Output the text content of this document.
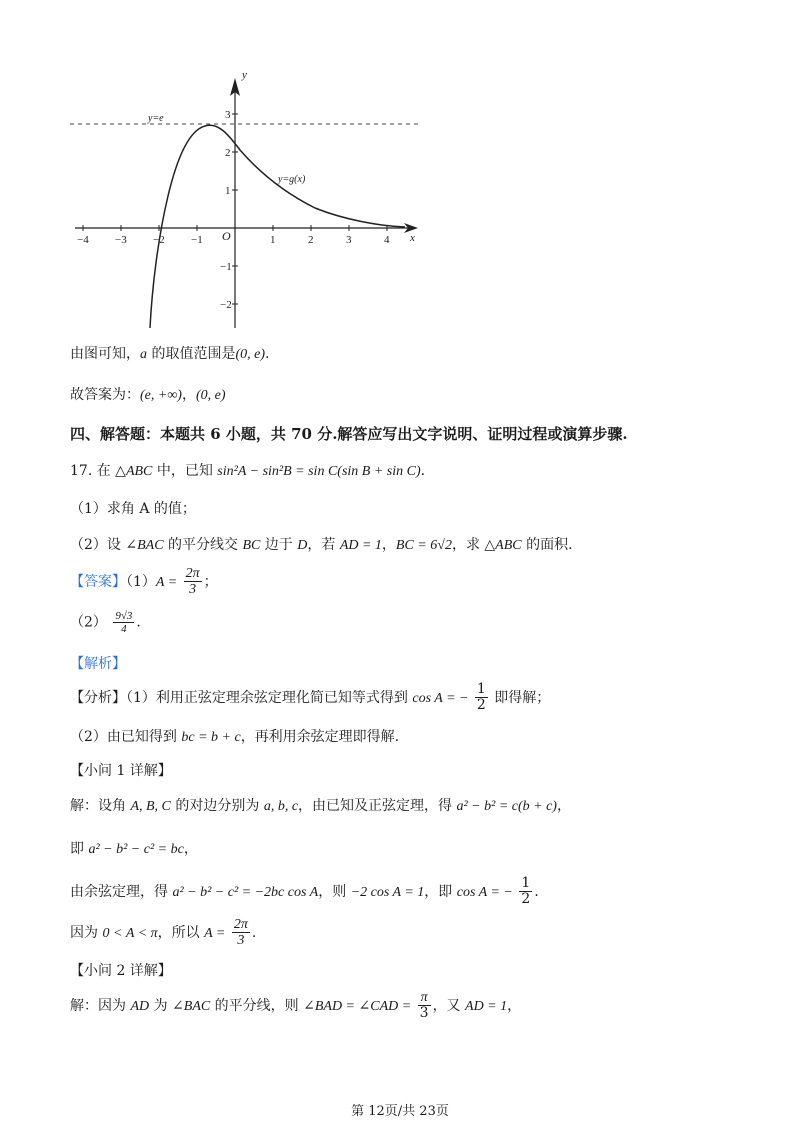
y
x
O
−4 −3 −2 −1	1	2	3	4
3
2
1
−1
−2
y=e
y=g(x)
由图可知，a 的取值范围是(0, e).
故答案为：(e, +∞)，(0, e)
四、解答题：本题共 6 小题，共 70 分.解答应写出文字说明、证明过程或演算步骤.
17. 在 △ABC 中，已知 sin²A − sin²B = sin C(sin B + sin C).
（1）求角 A 的值；
（2）设 ∠BAC 的平分线交 BC 边于 D，若 AD = 1，BC = 6√2，求 △ABC 的面积.
【答案】$(1)A = \frac{2\pi}{3}$ ；
$(2) \frac{9√3}{4}$ .
【解析】
【分析】（1）利用正弦定理余弦定理化简已知等式得到 cos A = − $\frac{1}{2}$ 即得解；
（2）由已知得到 bc = b + c，再利用余弦定理即得解.
【小问 1 详解】
解：设角 A, B, C 的对边分别为 a, b, c，由已知及正弦定理，得 a² − b² = c(b + c)，
即 a² − b² − c² = bc，
由余弦定理，得 a² − b² − c² = −2bc cos A，则 −2 cos A = 1，即 cos A = − $\frac{1}{2}$ .
因为 0 < A < π，所以 $A = \frac{2\pi}{3}$ .
【小问 2 详解】
解：因为 AD 为 ∠BAC 的平分线，则 ∠BAD = ∠CAD = $\frac{\pi}{3}$ ，又 AD = 1，
第 12页/共 23页
